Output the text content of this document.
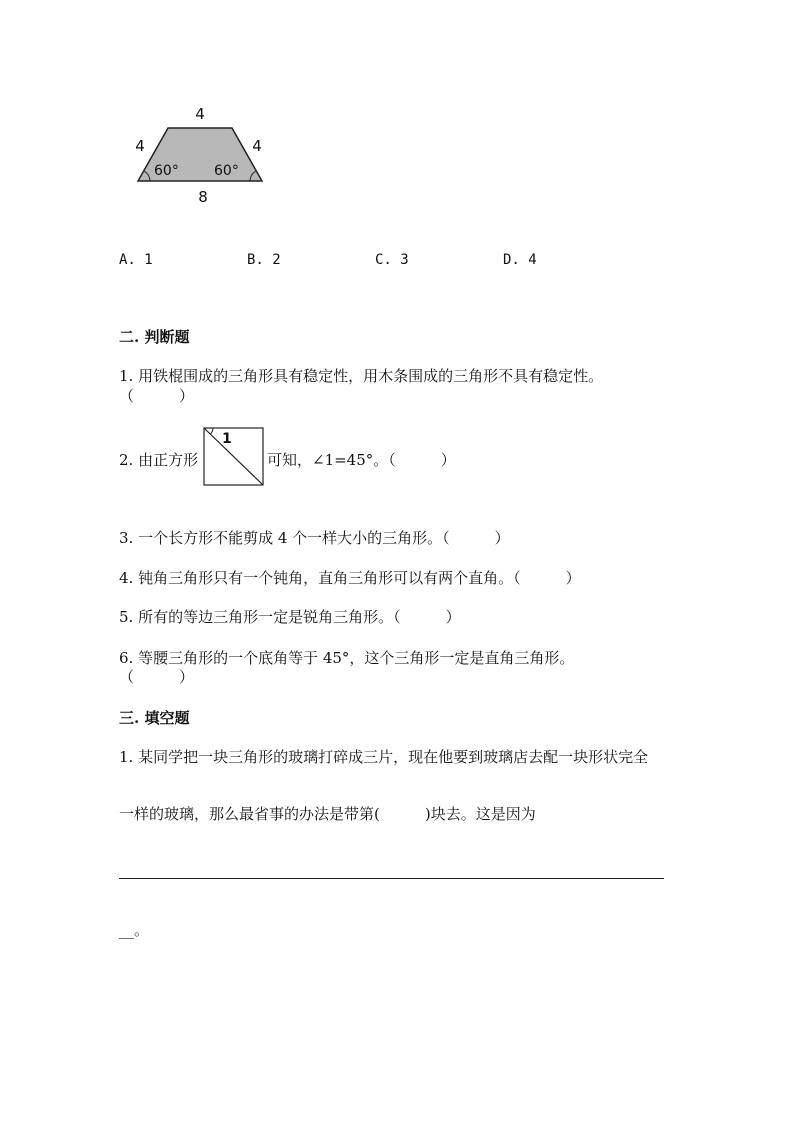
4
4	4
8
60°	60°
A. 1	B. 2	C. 3	D. 4
二. 判断题
1. 用铁棍围成的三角形具有稳定性，用木条围成的三角形不具有稳定性。
（　　　）
2. 由正方形
1
可知，∠1=45°。（　　　）
3. 一个长方形不能剪成 4 个一样大小的三角形。（　　　）
4. 钝角三角形只有一个钝角，直角三角形可以有两个直角。（　　　）
5. 所有的等边三角形一定是锐角三角形。（　　　）
6. 等腰三角形的一个底角等于 45°，这个三角形一定是直角三角形。
（　　　）
三. 填空题
1. 某同学把一块三角形的玻璃打碎成三片，现在他要到玻璃店去配一块形状完全
一样的玻璃，那么最省事的办法是带第(　　　)块去。这是因为
__。
